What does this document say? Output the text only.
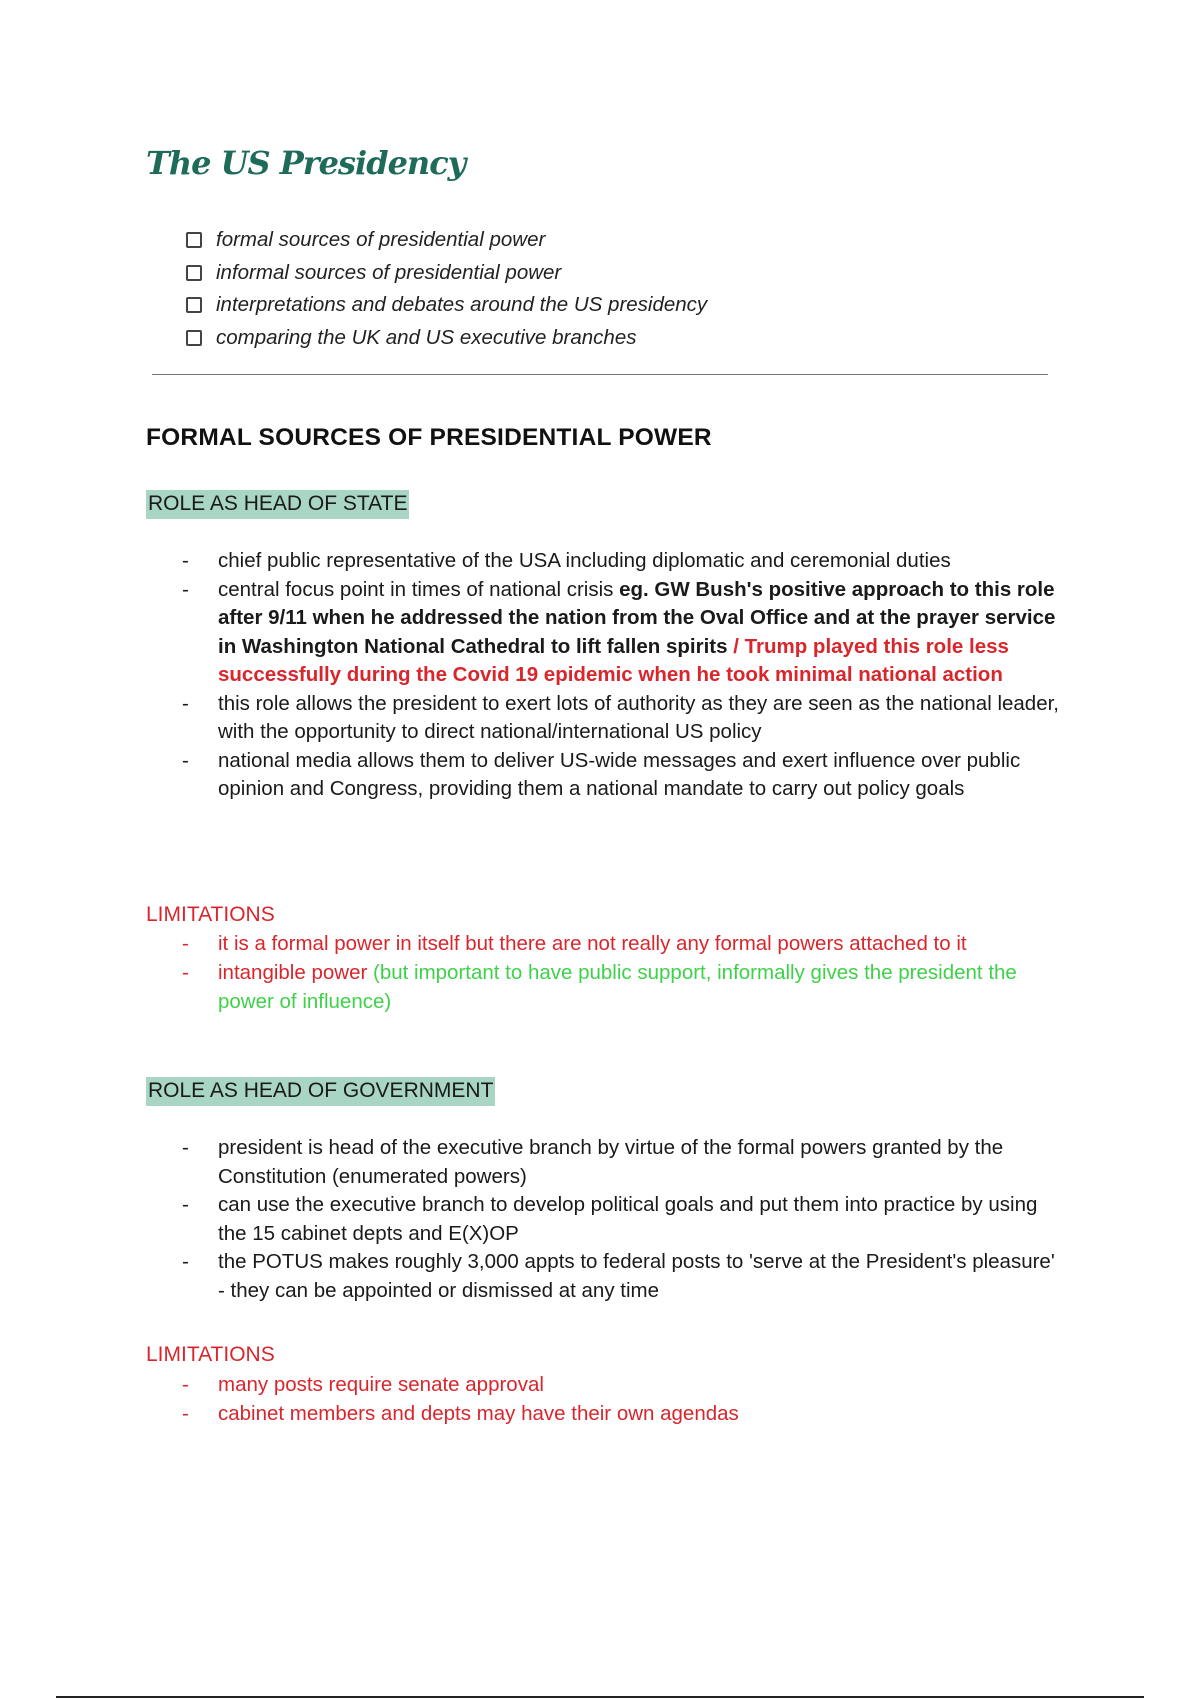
The US Presidency
formal sources of presidential power
informal sources of presidential power
interpretations and debates around the US presidency
comparing the UK and US executive branches
FORMAL SOURCES OF PRESIDENTIAL POWER
ROLE AS HEAD OF STATE
- chief public representative of the USA including diplomatic and ceremonial duties
- central focus point in times of national crisis eg. GW Bush's positive approach to this role after 9/11 when he addressed the nation from the Oval Office and at the prayer service in Washington National Cathedral to lift fallen spirits / Trump played this role less successfully during the Covid 19 epidemic when he took minimal national action
- this role allows the president to exert lots of authority as they are seen as the national leader, with the opportunity to direct national/international US policy
- national media allows them to deliver US-wide messages and exert influence over public opinion and Congress, providing them a national mandate to carry out policy goals
LIMITATIONS
- it is a formal power in itself but there are not really any formal powers attached to it
- intangible power (but important to have public support, informally gives the president the power of influence)
ROLE AS HEAD OF GOVERNMENT
- president is head of the executive branch by virtue of the formal powers granted by the Constitution (enumerated powers)
- can use the executive branch to develop political goals and put them into practice by using the 15 cabinet depts and E(X)OP
- the POTUS makes roughly 3,000 appts to federal posts to 'serve at the President's pleasure' - they can be appointed or dismissed at any time
LIMITATIONS
- many posts require senate approval
- cabinet members and depts may have their own agendas
